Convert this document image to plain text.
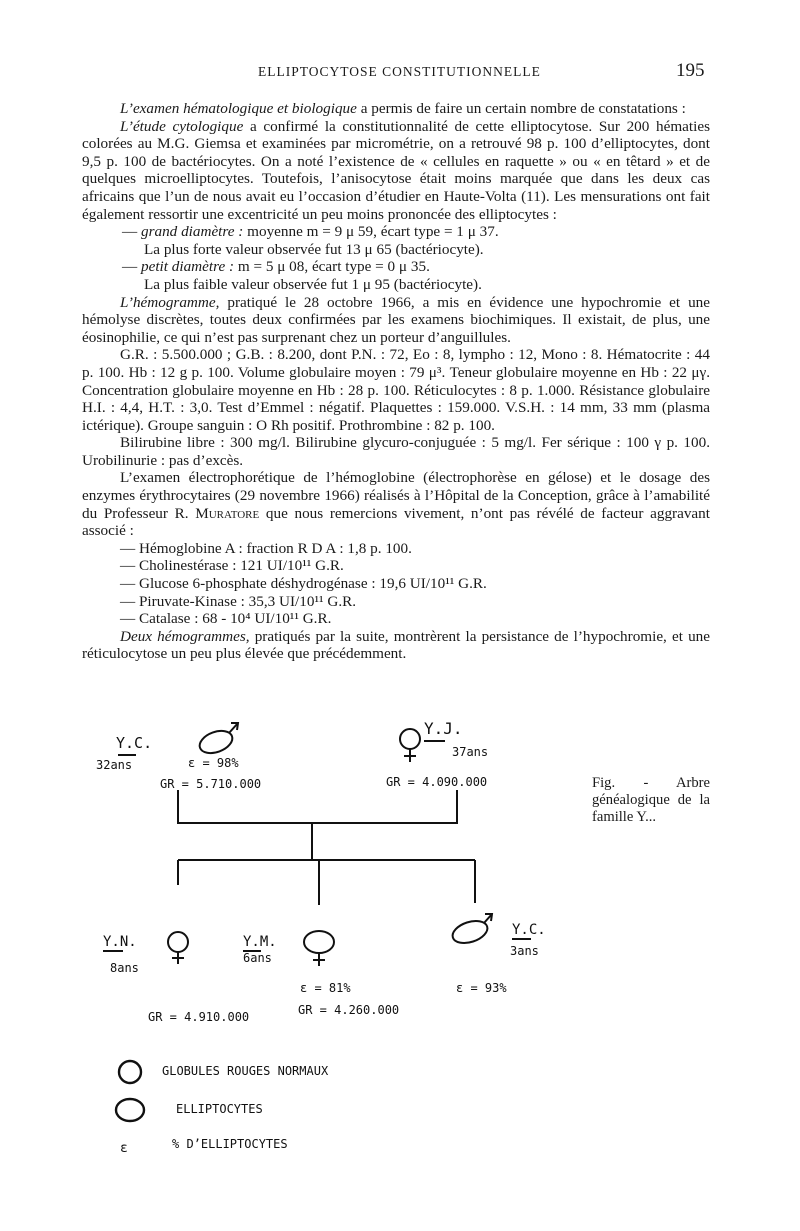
ELLIPTOCYTOSE CONSTITUTIONNELLE	195

L’examen hématologique et biologique a permis de faire un certain nombre de constatations :

L’étude cytologique a confirmé la constitutionnalité de cette elliptocytose. Sur 200 hématies colorées au M.G. Giemsa et examinées par micrométrie, on a retrouvé 98 p. 100 d’elliptocytes, dont 9,5 p. 100 de bactériocytes. On a noté l’existence de « cellules en raquette » ou « en têtard » et de quelques microelliptocytes. Toutefois, l’anisocytose était moins marquée que dans les deux cas africains que l’un de nous avait eu l’occasion d’étudier en Haute-Volta (11). Les mensurations ont fait également ressortir une excentricité un peu moins prononcée des elliptocytes :

— grand diamètre : moyenne m = 9 μ 59, écart type = 1 μ 37.

La plus forte valeur observée fut 13 μ 65 (bactériocyte).

— petit diamètre : m = 5 μ 08, écart type = 0 μ 35.

La plus faible valeur observée fut 1 μ 95 (bactériocyte).

L’hémogramme, pratiqué le 28 octobre 1966, a mis en évidence une hypochromie et une hémolyse discrètes, toutes deux confirmées par les examens biochimiques. Il existait, de plus, une éosinophilie, ce qui n’est pas surprenant chez un porteur d’anguillules.

G.R. : 5.500.000 ; G.B. : 8.200, dont P.N. : 72, Eo : 8, lympho : 12, Mono : 8. Hématocrite : 44 p. 100. Hb : 12 g p. 100. Volume globulaire moyen : 79 μ³. Teneur globulaire moyenne en Hb : 22 μγ. Concentration globulaire moyenne en Hb : 28 p. 100. Réticulocytes : 8 p. 1.000. Résistance globulaire H.I. : 4,4, H.T. : 3,0. Test d’Emmel : négatif. Plaquettes : 159.000. V.S.H. : 14 mm, 33 mm (plasma ictérique). Groupe sanguin : O Rh positif. Prothrombine : 82 p. 100.

Bilirubine libre : 300 mg/l. Bilirubine glycuro-conjuguée : 5 mg/l. Fer sérique : 100 γ p. 100. Urobilinurie : pas d’excès.

L’examen électrophorétique de l’hémoglobine (électrophorèse en gélose) et le dosage des enzymes érythrocytaires (29 novembre 1966) réalisés à l’Hôpital de la Conception, grâce à l’amabilité du Professeur R. Muratore que nous remercions vivement, n’ont pas révélé de facteur aggravant associé :

— Hémoglobine A : fraction R D A : 1,8 p. 100.

— Cholinestérase : 121 UI/10¹¹ G.R.

— Glucose 6-phosphate déshydrogénase : 19,6 UI/10¹¹ G.R.

— Piruvate-Kinase : 35,3 UI/10¹¹ G.R.

— Catalase : 68 - 10⁴ UI/10¹¹ G.R.

Deux hémogrammes, pratiqués par la suite, montrèrent la persistance de l’hypochromie, et une réticulocytose un peu plus élevée que précédemment.

Y.C.
32ans	ε = 98%
GR = 5.710.000
Y.J.
37ans
GR = 4.090.000
Y.N.
8ans
GR = 4.910.000
Y.M.
6ans
ε = 81%
GR = 4.260.000
Y.C.
3ans
ε = 93%
GLOBULES ROUGES NORMAUX
ELLIPTOCYTES
ε	% D’ELLIPTOCYTES
Fig. - Arbre généalogique de la famille Y...
